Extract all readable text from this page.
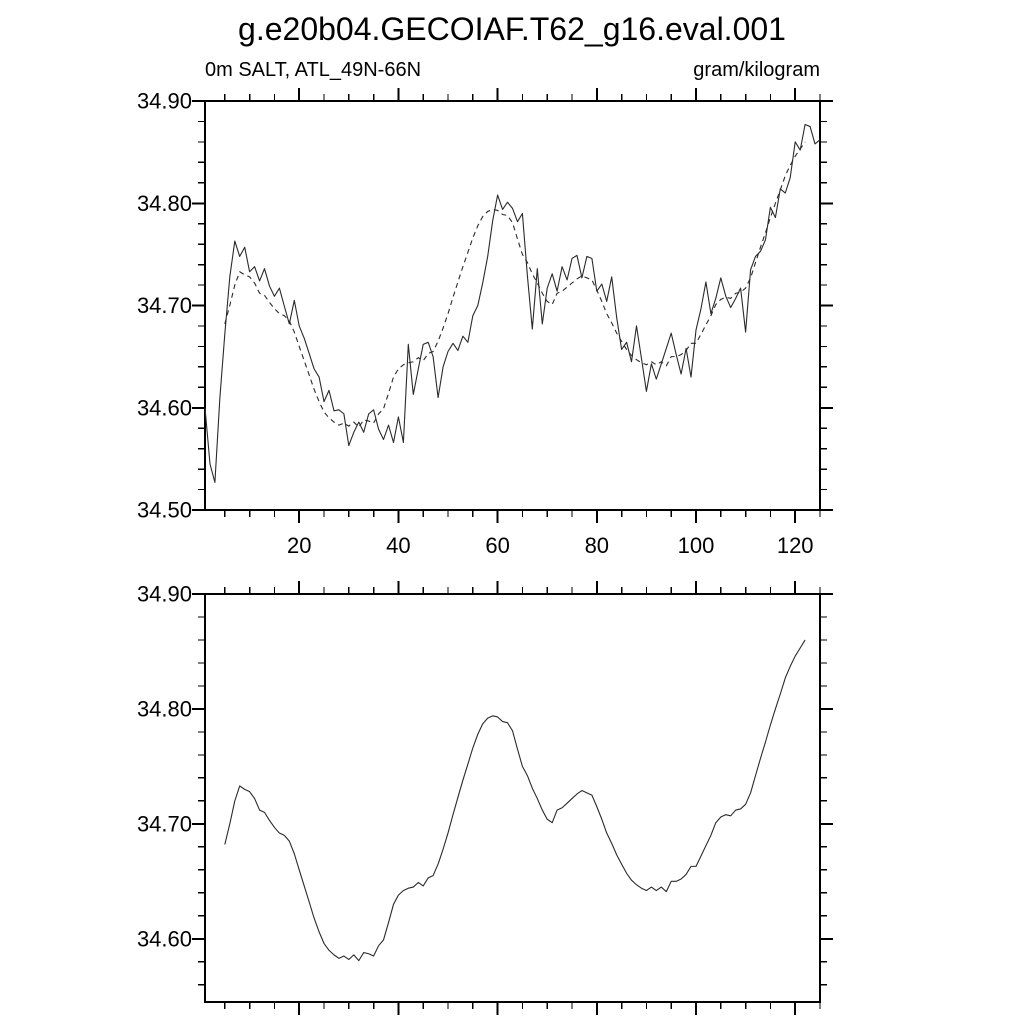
g.e20b04.GECOIAF.T62_g16.eval.001
0m SALT, ATL_49N-66N	gram/kilogram
34.50
34.60
34.70
34.80
34.90
20	40	60	80	100	120
34.60
34.70
34.80
34.90
